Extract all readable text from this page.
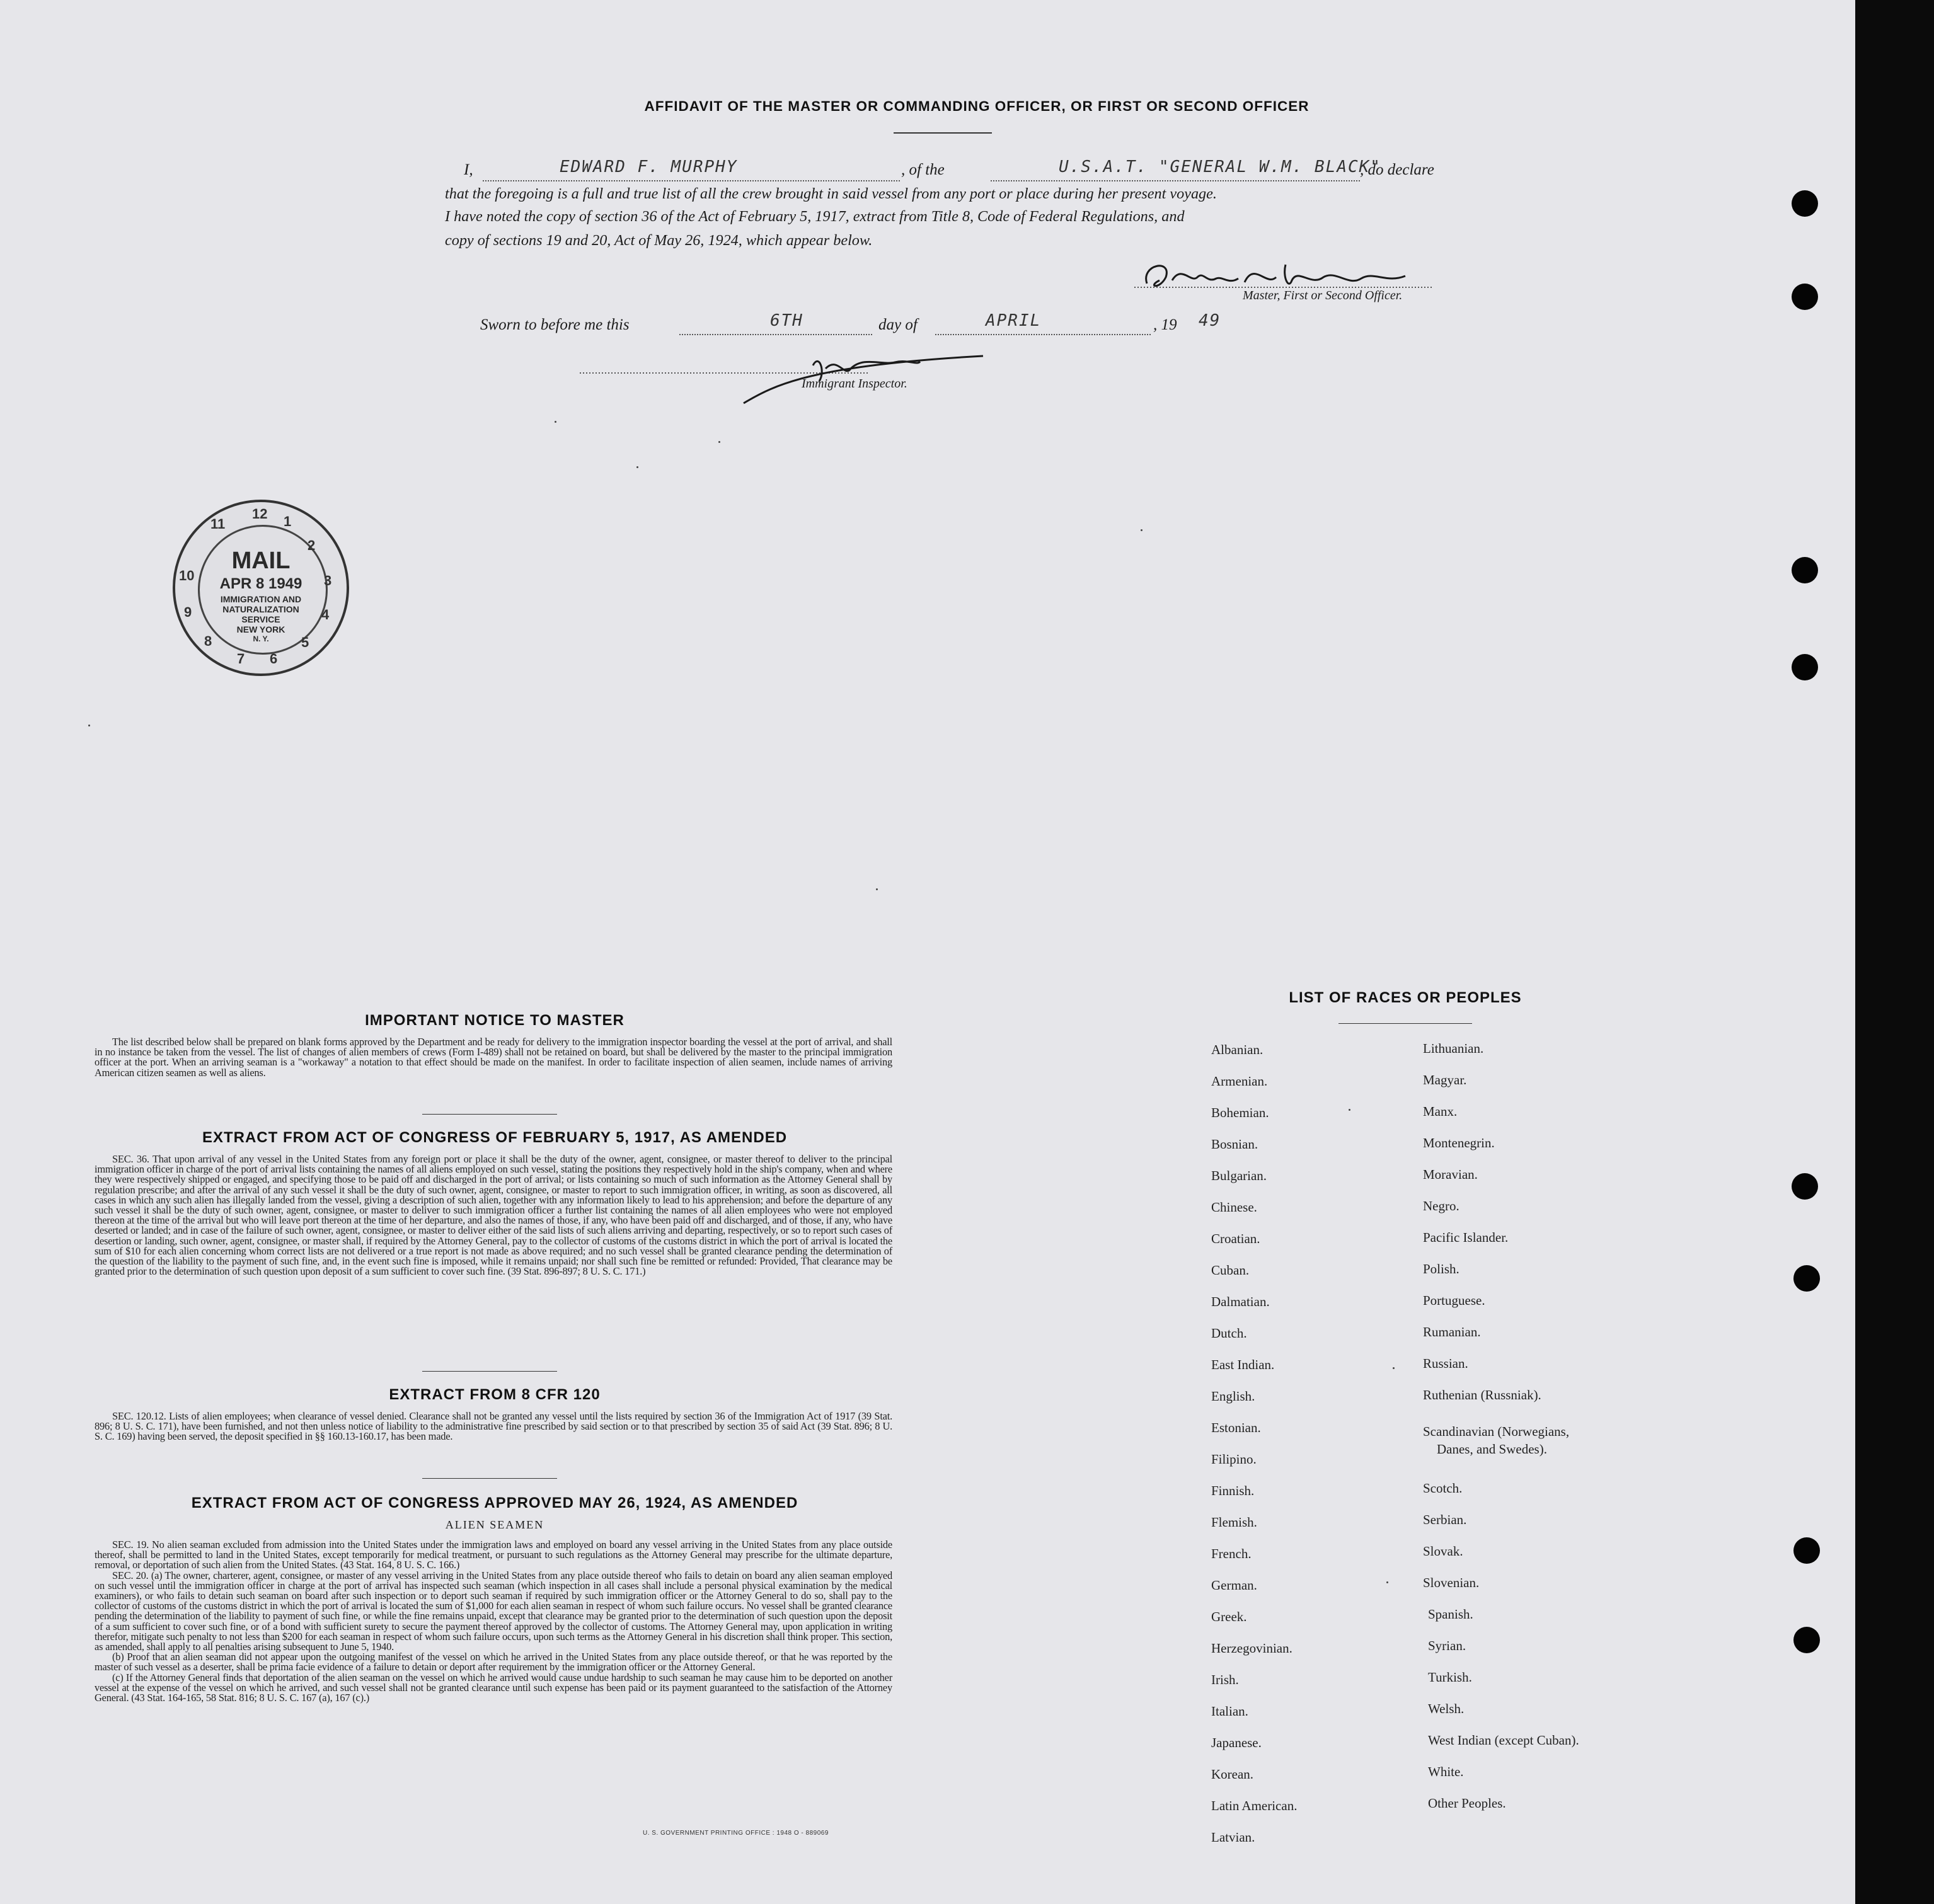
AFFIDAVIT OF THE MASTER OR COMMANDING OFFICER, OR FIRST OR SECOND OFFICER
I,	EDWARD F. MURPHY	, of the	U.S.A.T. "GENERAL W.M. BLACK"
, do declare
that the foregoing is a full and true list of all the crew brought in said vessel from any port or place during her present voyage.
I have noted the copy of section 36 of the Act of February 5, 1917, extract from Title 8, Code of Federal Regulations, and
copy of sections 19 and 20, Act of May 26, 1924, which appear below.
Master, First or Second Officer.
Sworn to before me this	6TH	day of	APRIL	, 19 49
Immigrant Inspector.
12 1
2
3
4
5
6
7
8
9
10
11
MAIL
APR 8 1949
IMMIGRATION AND
NATURALIZATION
SERVICE
NEW YORK
N. Y.
IMPORTANT NOTICE TO MASTER

The list described below shall be prepared on blank forms approved by the Department and be ready for delivery to the immigration inspector boarding the vessel at the port of arrival, and shall in no instance be taken from the vessel. The list of changes of alien members of crews (Form I-489) shall not be retained on board, but shall be delivered by the master to the principal immigration officer at the port. When an arriving seaman is a "workaway" a notation to that effect should be made on the manifest. In order to facilitate inspection of alien seamen, include names of arriving American citizen seamen as well as aliens.

EXTRACT FROM ACT OF CONGRESS OF FEBRUARY 5, 1917, AS AMENDED

SEC. 36. That upon arrival of any vessel in the United States from any foreign port or place it shall be the duty of the owner, agent, consignee, or master thereof to deliver to the principal immigration officer in charge of the port of arrival lists containing the names of all aliens employed on such vessel, stating the positions they respectively hold in the ship's company, when and where they were respectively shipped or engaged, and specifying those to be paid off and discharged in the port of arrival; or lists containing so much of such information as the Attorney General shall by regulation prescribe; and after the arrival of any such vessel it shall be the duty of such owner, agent, consignee, or master to report to such immigration officer, in writing, as soon as discovered, all cases in which any such alien has illegally landed from the vessel, giving a description of such alien, together with any information likely to lead to his apprehension; and before the departure of any such vessel it shall be the duty of such owner, agent, consignee, or master to deliver to such immigration officer a further list containing the names of all alien employees who were not employed thereon at the time of the arrival but who will leave port thereon at the time of her departure, and also the names of those, if any, who have been paid off and discharged, and of those, if any, who have deserted or landed; and in case of the failure of such owner, agent, consignee, or master to deliver either of the said lists of such aliens arriving and departing, respectively, or so to report such cases of desertion or landing, such owner, agent, consignee, or master shall, if required by the Attorney General, pay to the collector of customs of the customs district in which the port of arrival is located the sum of $10 for each alien concerning whom correct lists are not delivered or a true report is not made as above required; and no such vessel shall be granted clearance pending the determination of the question of the liability to the payment of such fine, and, in the event such fine is imposed, while it remains unpaid; nor shall such fine be remitted or refunded: Provided, That clearance may be granted prior to the determination of such question upon deposit of a sum sufficient to cover such fine. (39 Stat. 896-897; 8 U. S. C. 171.)

EXTRACT FROM 8 CFR 120

SEC. 120.12. Lists of alien employees; when clearance of vessel denied. Clearance shall not be granted any vessel until the lists required by section 36 of the Immigration Act of 1917 (39 Stat. 896; 8 U. S. C. 171), have been furnished, and not then unless notice of liability to the administrative fine prescribed by said section or to that prescribed by section 35 of said Act (39 Stat. 896; 8 U. S. C. 169) having been served, the deposit specified in §§ 160.13-160.17, has been made.

EXTRACT FROM ACT OF CONGRESS APPROVED MAY 26, 1924, AS AMENDED
ALIEN SEAMEN

SEC. 19. No alien seaman excluded from admission into the United States under the immigration laws and employed on board any vessel arriving in the United States from any place outside thereof, shall be permitted to land in the United States, except temporarily for medical treatment, or pursuant to such regulations as the Attorney General may prescribe for the ultimate departure, removal, or deportation of such alien from the United States. (43 Stat. 164, 8 U. S. C. 166.)

SEC. 20. (a) The owner, charterer, agent, consignee, or master of any vessel arriving in the United States from any place outside thereof who fails to detain on board any alien seaman employed on such vessel until the immigration officer in charge at the port of arrival has inspected such seaman (which inspection in all cases shall include a personal physical examination by the medical examiners), or who fails to detain such seaman on board after such inspection or to deport such seaman if required by such immigration officer or the Attorney General to do so, shall pay to the collector of customs of the customs district in which the port of arrival is located the sum of $1,000 for each alien seaman in respect of whom such failure occurs. No vessel shall be granted clearance pending the determination of the liability to payment of such fine, or while the fine remains unpaid, except that clearance may be granted prior to the determination of such question upon the deposit of a sum sufficient to cover such fine, or of a bond with sufficient surety to secure the payment thereof approved by the collector of customs. The Attorney General may, upon application in writing therefor, mitigate such penalty to not less than $200 for each seaman in respect of whom such failure occurs, upon such terms as the Attorney General in his discretion shall think proper. This section, as amended, shall apply to all penalties arising subsequent to June 5, 1940.

(b) Proof that an alien seaman did not appear upon the outgoing manifest of the vessel on which he arrived in the United States from any place outside thereof, or that he was reported by the master of such vessel as a deserter, shall be prima facie evidence of a failure to detain or deport after requirement by the immigration officer or the Attorney General.

(c) If the Attorney General finds that deportation of the alien seaman on the vessel on which he arrived would cause undue hardship to such seaman he may cause him to be deported on another vessel at the expense of the vessel on which he arrived, and such vessel shall not be granted clearance until such expense has been paid or its payment guaranteed to the satisfaction of the Attorney General. (43 Stat. 164-165, 58 Stat. 816; 8 U. S. C. 167 (a), 167 (c).)

U. S. GOVERNMENT PRINTING OFFICE : 1948 O - 889069
LIST OF RACES OR PEOPLES
Albanian.
Armenian.
Bohemian.
Bosnian.
Bulgarian.
Chinese.
Croatian.
Cuban.
Dalmatian.
Dutch.
East Indian.
English.
Estonian.
Filipino.
Finnish.
Flemish.
French.
German.
Greek.
Herzegovinian.
Irish.
Italian.
Japanese.
Korean.
Latin American.
Latvian.
Lithuanian.
Magyar.
Manx.
Montenegrin.
Moravian.
Negro.
Pacific Islander.
Polish.
Portuguese.
Rumanian.
Russian.
Ruthenian (Russniak).
Scandinavian (Norwegians,
Danes, and Swedes).
Scotch.
Serbian.
Slovak.
Slovenian.
Spanish.
Syrian.
Turkish.
Welsh.
West Indian (except Cuban).
White.
Other Peoples.
